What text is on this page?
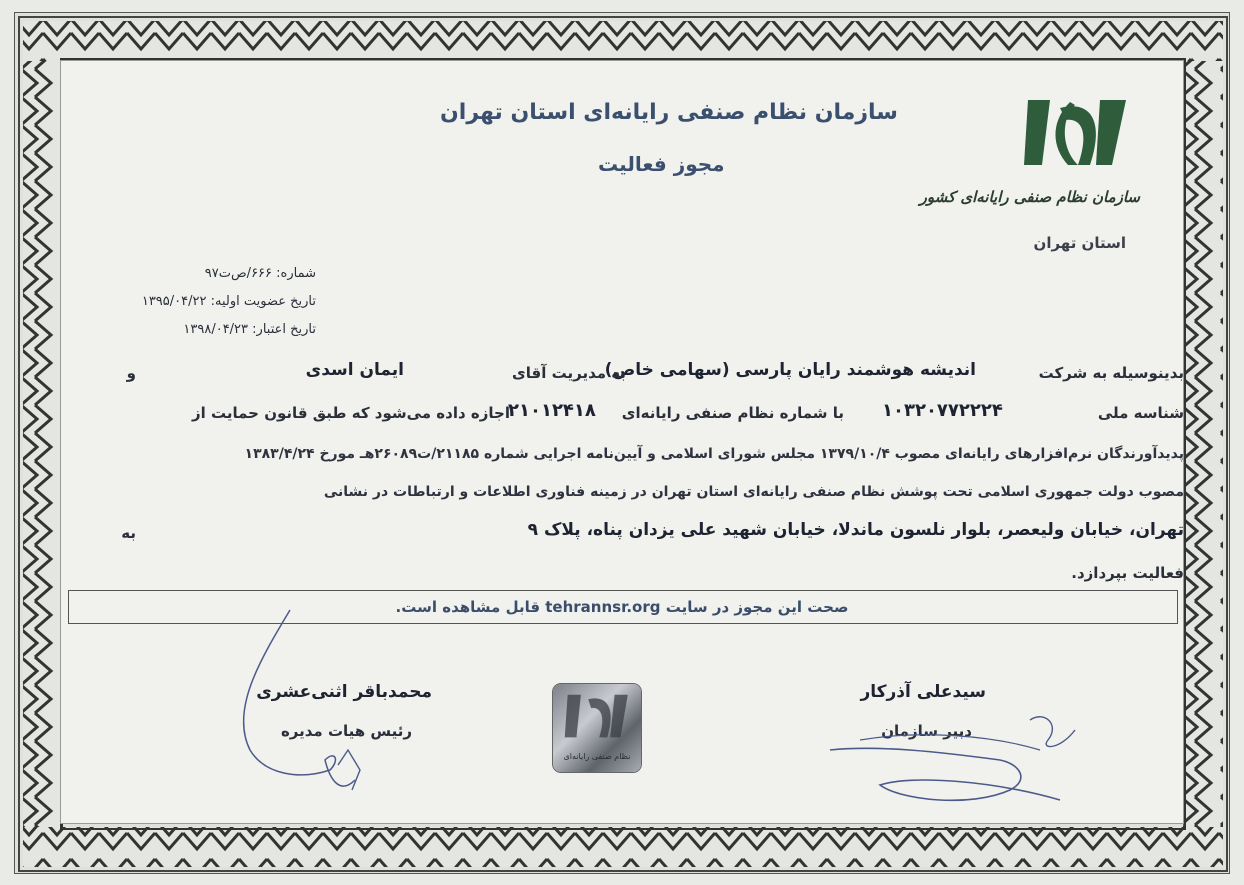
سازمان نظام صنفی رایانه‌ای کشور
استان تهران
سازمان نظام صنفی رایانه‌ای استان تهران
مجوز فعالیت
شماره: ۶۶۶/ص‌ت۹۷
تاریخ عضویت اولیه: ۱۳۹۵/۰۴/۲۲
تاریخ اعتبار: ۱۳۹۸/۰۴/۲۳
بدینوسیله به شرکت
اندیشه هوشمند رایان پارسی (سهامی خاص)
به مدیریت آقای
ایمان اسدی
و
شناسه ملی
۱۰۳۲۰۷۷۲۲۲۴
با شماره نظام صنفی رایانه‌ای
۲۱۰۱۲۴۱۸
اجازه داده می‌شود که طبق قانون حمایت از
پدیدآورندگان نرم‌افزارهای رایانه‌ای مصوب ۱۳۷۹/۱۰/۴ مجلس شورای اسلامی و آیین‌نامه اجرایی شماره ۲۱۱۸۵/ت۲۶۰۸۹هـ مورخ ۱۳۸۳/۴/۲۴
مصوب دولت جمهوری اسلامی تحت پوشش نظام صنفی رایانه‌ای استان تهران در زمینه فناوری اطلاعات و ارتباطات در نشانی
تهران، خیابان ولیعصر، بلوار نلسون ماندلا، خیابان شهید علی یزدان پناه، پلاک ۹
به
فعالیت بپردازد.
صحت این مجوز در سایت tehrannsr.org قابل مشاهده است.
سیدعلی آذرکار
دبیر سازمان
محمدباقر اثنی‌عشری
رئیس هیات مدیره
نظام صنفی رایانه‌ای
